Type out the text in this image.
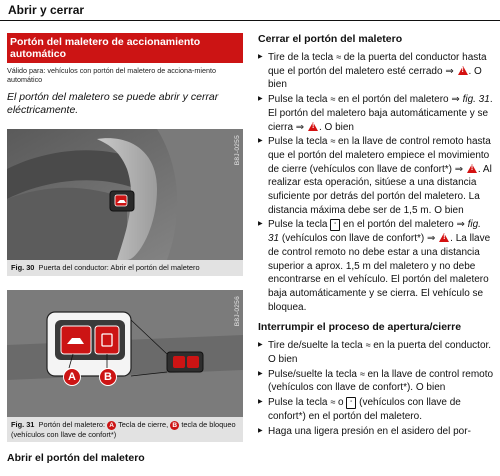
Abrir y cerrar
Portón del maletero de accionamiento automático
Válido para: vehículos con portón del maletero de acciona-miento automático
El portón del maletero se puede abrir y cerrar eléctricamente.
B8J-0255
Fig. 30 Puerta del conductor: Abrir el portón del maletero
B8J-0256
A	B
Fig. 31 Portón del maletero: A Tecla de cierre, B tecla de bloqueo (vehículos con llave de confort*)
Abrir el portón del maletero
Cerrar el portón del maletero
▶ Tire de la tecla ≈ de la puerta del conductor hasta que el portón del maletero esté cerrado ⇒ ! . O bien
▶ Pulse la tecla ≈ en el portón del maletero ⇒ fig. 31. El portón del maletero baja automáticamente y se cierra ⇒ ! . O bien
▶ Pulse la tecla ≈ en la llave de control remoto hasta que el portón del maletero empiece el movimiento de cierre (vehículos con llave de confort*) ⇒ ! . Al realizar esta operación, sitúese a una distancia suficiente por detrás del portón del maletero. La distancia máxima debe ser de 1,5 m. O bien
▶ Pulse la tecla ▫ en el portón del maletero ⇒ fig. 31 (vehículos con llave de confort*) ⇒ ! . La llave de control remoto no debe estar a una distancia superior a aprox. 1,5 m del maletero y no debe encontrarse en el vehículo. El portón del maletero baja automáticamente y se cierra. El vehículo se bloquea.
Interrumpir el proceso de apertura/cierre
▶ Tire de/suelte la tecla ≈ en la puerta del conductor. O bien
▶ Pulse/suelte la tecla ≈ en la llave de control remoto (vehículos con llave de confort*). O bien
▶ Pulse la tecla ≈ o ▫ (vehículos con llave de confort*) en el portón del maletero.
▶ Haga una ligera presión en el asidero del por-
